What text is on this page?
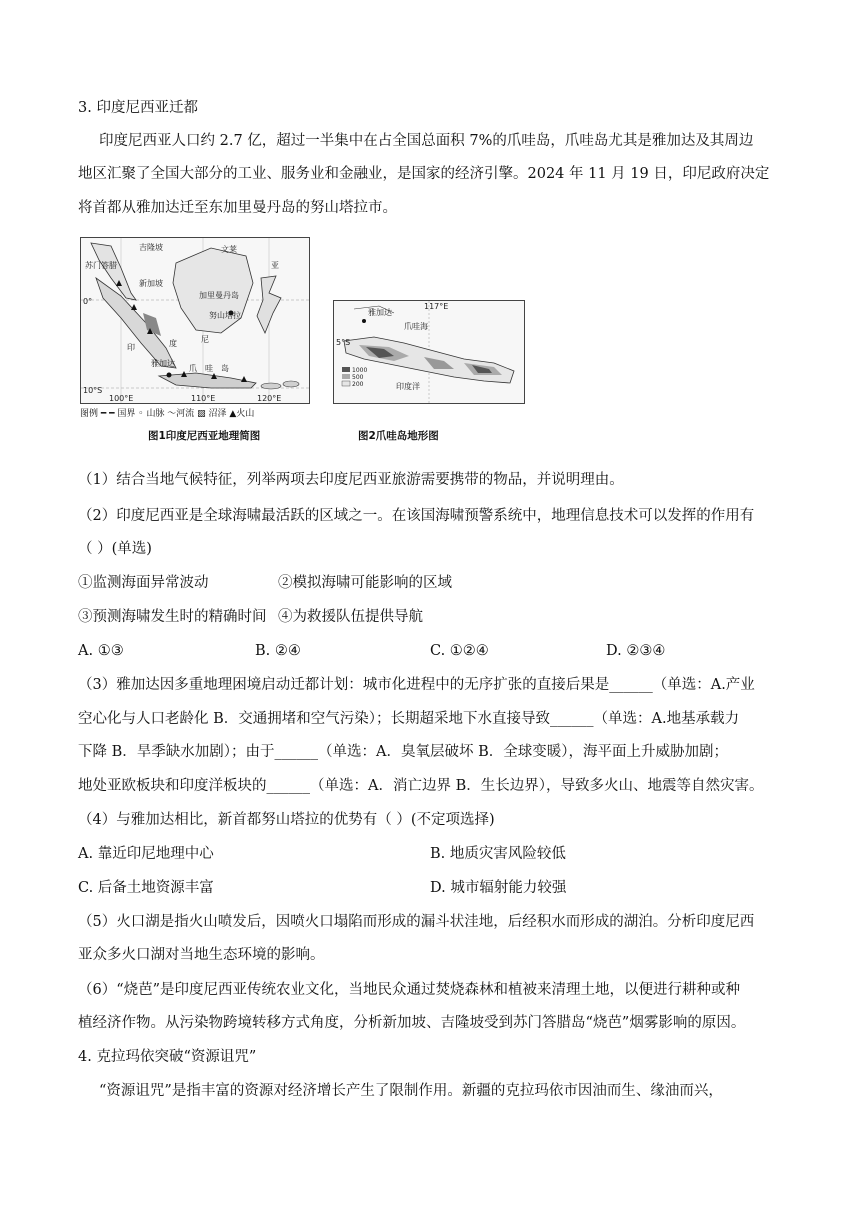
3. 印度尼西亚迁都
印度尼西亚人口约 2.7 亿，超过一半集中在占全国总面积 7%的爪哇岛，爪哇岛尤其是雅加达及其周边
地区汇聚了全国大部分的工业、服务业和金融业，是国家的经济引擎。2024 年 11 月 19 日，印尼政府决定
将首都从雅加达迁至东加里曼丹岛的努山塔拉市。
0°
10°S
100°E	110°E	120°E
吉隆坡
新加坡
文莱
加里曼丹岛
努山塔拉
雅加达
印	度	尼
亚
爪 哇 岛
苏门答腊
图例 ━ ━ 国界 ◦ 山脉 〜河流 ▨ 沼泽 ▲火山
图1印度尼西亚地理简图
117°E
5°S
雅加达
爪哇海
印度洋
1000
500
200
图2爪哇岛地形图
（1）结合当地气候特征，列举两项去印度尼西亚旅游需要携带的物品，并说明理由。
（2）印度尼西亚是全球海啸最活跃的区域之一。在该国海啸预警系统中，地理信息技术可以发挥的作用有
（ ）(单选)
①监测海面异常波动	②模拟海啸可能影响的区域
③预测海啸发生时的精确时间 ④为救援队伍提供导航
A. ①③	B. ②④	C. ①②④	D. ②③④
（3）雅加达因多重地理困境启动迁都计划：城市化进程中的无序扩张的直接后果是______（单选：A.产业
空心化与人口老龄化 B．交通拥堵和空气污染）；长期超采地下水直接导致______（单选：A.地基承载力
下降 B．旱季缺水加剧）；由于______（单选：A．臭氧层破坏 B．全球变暖），海平面上升威胁加剧；
地处亚欧板块和印度洋板块的______（单选：A．消亡边界 B．生长边界），导致多火山、地震等自然灾害。
（4）与雅加达相比，新首都努山塔拉的优势有（ ）(不定项选择)
A. 靠近印尼地理中心	B. 地质灾害风险较低
C. 后备土地资源丰富	D. 城市辐射能力较强
（5）火口湖是指火山喷发后，因喷火口塌陷而形成的漏斗状洼地，后经积水而形成的湖泊。分析印度尼西
亚众多火口湖对当地生态环境的影响。
（6）“烧芭”是印度尼西亚传统农业文化，当地民众通过焚烧森林和植被来清理土地，以便进行耕种或种
植经济作物。从污染物跨境转移方式角度，分析新加坡、吉隆坡受到苏门答腊岛“烧芭”烟雾影响的原因。
4. 克拉玛依突破“资源诅咒”
“资源诅咒”是指丰富的资源对经济增长产生了限制作用。新疆的克拉玛依市因油而生、缘油而兴，
